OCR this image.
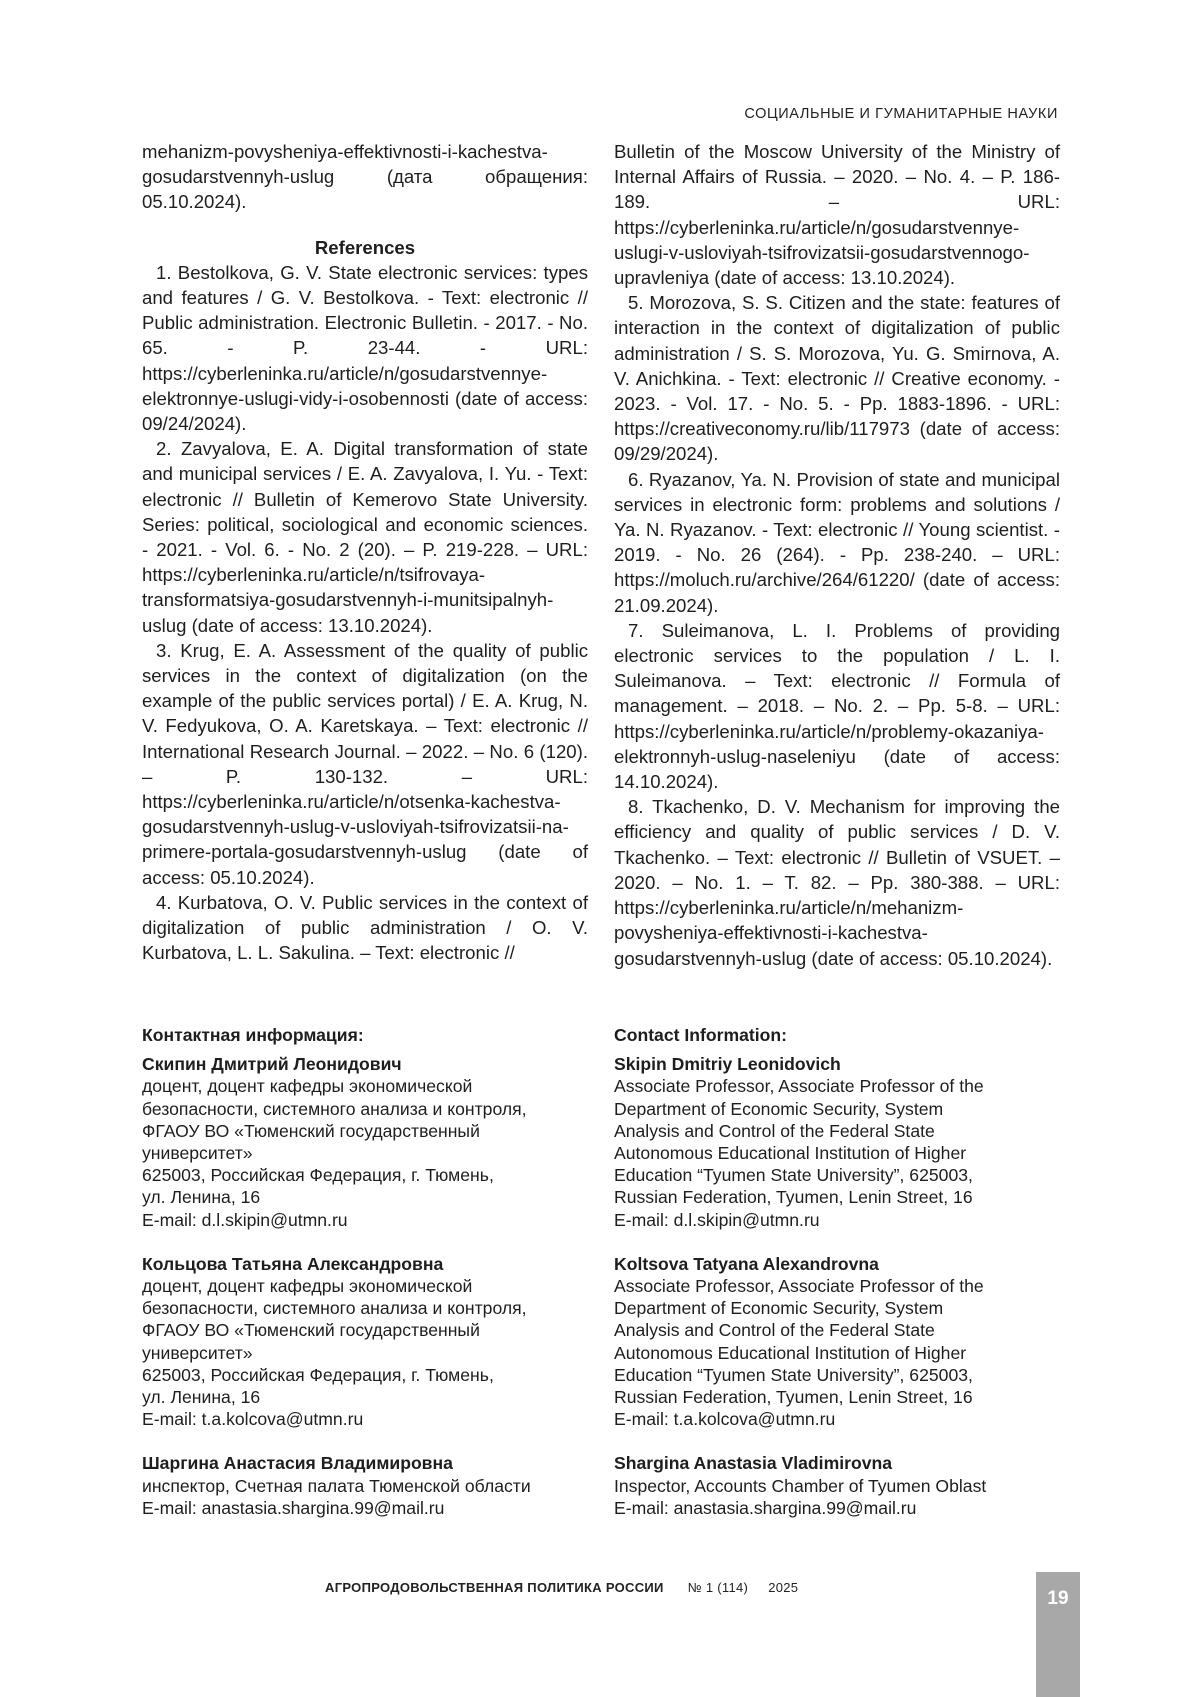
СОЦИАЛЬНЫЕ И ГУМАНИТАРНЫЕ НАУКИ

mehanizm-povysheniya-effektivnosti-i-kachestva-gosudarstvennyh-uslug (дата обращения: 05.10.2024).

References

1. Bestolkova, G. V. State electronic services: types and features / G. V. Bestolkova. - Text: electronic // Public administration. Electronic Bulletin. - 2017. - No. 65. - P. 23-44. - URL: https://cyberleninka.ru/article/n/gosudarstvennye-elektronnye-uslugi-vidy-i-osobennosti (date of access: 09/24/2024).

2. Zavyalova, E. A. Digital transformation of state and municipal services / E. A. Zavyalova, I. Yu. - Text: electronic // Bulletin of Kemerovo State University. Series: political, sociological and economic sciences. - 2021. - Vol. 6. - No. 2 (20). – P. 219-228. – URL: https://cyberleninka.ru/article/n/tsifrovaya-transformatsiya-gosudarstvennyh-i-munitsipalnyh-uslug (date of access: 13.10.2024).

3. Krug, E. A. Assessment of the quality of public services in the context of digitalization (on the example of the public services portal) / E. A. Krug, N. V. Fedyukova, O. A. Karetskaya. – Text: electronic // International Research Journal. – 2022. – No. 6 (120). – P. 130-132. – URL: https://cyberleninka.ru/article/n/otsenka-kachestva-gosudarstvennyh-uslug-v-usloviyah-tsifrovizatsii-na-primere-portala-gosudarstvennyh-uslug (date of access: 05.10.2024).

4. Kurbatova, O. V. Public services in the context of digitalization of public administration / O. V. Kurbatova, L. L. Sakulina. – Text: electronic //

Bulletin of the Moscow University of the Ministry of Internal Affairs of Russia. – 2020. – No. 4. – P. 186-189. – URL: https://cyberleninka.ru/article/n/gosudarstvennye-uslugi-v-usloviyah-tsifrovizatsii-gosudarstvennogo-upravleniya (date of access: 13.10.2024).

5. Morozova, S. S. Citizen and the state: features of interaction in the context of digitalization of public administration / S. S. Morozova, Yu. G. Smirnova, A. V. Anichkina. - Text: electronic // Creative economy. - 2023. - Vol. 17. - No. 5. - Pp. 1883-1896. - URL: https://creativeconomy.ru/lib/117973 (date of access: 09/29/2024).

6. Ryazanov, Ya. N. Provision of state and municipal services in electronic form: problems and solutions / Ya. N. Ryazanov. - Text: electronic // Young scientist. - 2019. - No. 26 (264). - Pp. 238-240. – URL: https://moluch.ru/archive/264/61220/ (date of access: 21.09.2024).

7. Suleimanova, L. I. Problems of providing electronic services to the population / L. I. Suleimanova. – Text: electronic // Formula of management. – 2018. – No. 2. – Pp. 5-8. – URL: https://cyberleninka.ru/article/n/problemy-okazaniya-elektronnyh-uslug-naseleniyu (date of access: 14.10.2024).

8. Tkachenko, D. V. Mechanism for improving the efficiency and quality of public services / D. V. Tkachenko. – Text: electronic // Bulletin of VSUET. – 2020. – No. 1. – T. 82. – Pp. 380-388. – URL: https://cyberleninka.ru/article/n/mehanizm-povysheniya-effektivnosti-i-kachestva-gosudarstvennyh-uslug (date of access: 05.10.2024).

Контактная информация:
Скипин Дмитрий Леонидович
доцент, доцент кафедры экономической
безопасности, системного анализа и контроля,
ФГАОУ ВО «Тюменский государственный
университет»
625003, Российская Федерация, г. Тюмень,
ул. Ленина, 16
E-mail: d.l.skipin@utmn.ru
Кольцова Татьяна Александровна
доцент, доцент кафедры экономической
безопасности, системного анализа и контроля,
ФГАОУ ВО «Тюменский государственный
университет»
625003, Российская Федерация, г. Тюмень,
ул. Ленина, 16
E-mail: t.a.kolcova@utmn.ru
Шаргина Анастасия Владимировна
инспектор, Счетная палата Тюменской области
E-mail: anastasia.shargina.99@mail.ru
Contact Information:
Skipin Dmitriy Leonidovich
Associate Professor, Associate Professor of the
Department of Economic Security, System
Analysis and Control of the Federal State
Autonomous Educational Institution of Higher
Education “Tyumen State University”, 625003,
Russian Federation, Tyumen, Lenin Street, 16
E-mail: d.l.skipin@utmn.ru
Koltsova Tatyana Alexandrovna
Associate Professor, Associate Professor of the
Department of Economic Security, System
Analysis and Control of the Federal State
Autonomous Educational Institution of Higher
Education “Tyumen State University”, 625003,
Russian Federation, Tyumen, Lenin Street, 16
E-mail: t.a.kolcova@utmn.ru
Shargina Anastasia Vladimirovna
Inspector, Accounts Chamber of Tyumen Oblast
E-mail: anastasia.shargina.99@mail.ru
АГРОПРОДОВОЛЬСТВЕННАЯ ПОЛИТИКА РОССИИ № 1 (114) 2025
19
